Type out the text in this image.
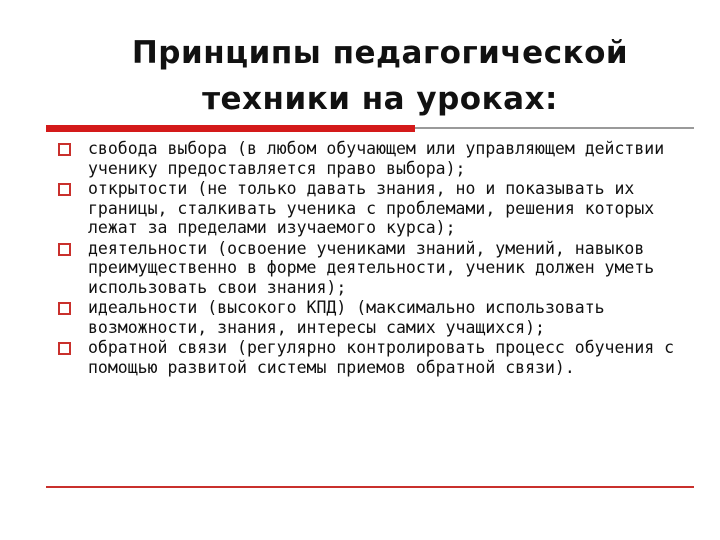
Принципы педагогической
техники на уроках:
свобода выбора (в любом обучающем или управляющем действии ученику предоставляется право выбора);
открытости (не только давать знания, но и показывать их границы, сталкивать ученика с проблемами, решения которых лежат за пределами изучаемого курса);
деятельности (освоение учениками знаний, умений, навыков преимущественно в форме деятельности, ученик должен уметь использовать свои знания);
идеальности (высокого КПД) (максимально использовать возможности, знания, интересы самих учащихся);
обратной связи (регулярно контролировать процесс обучения с помощью развитой системы приемов обратной связи).
